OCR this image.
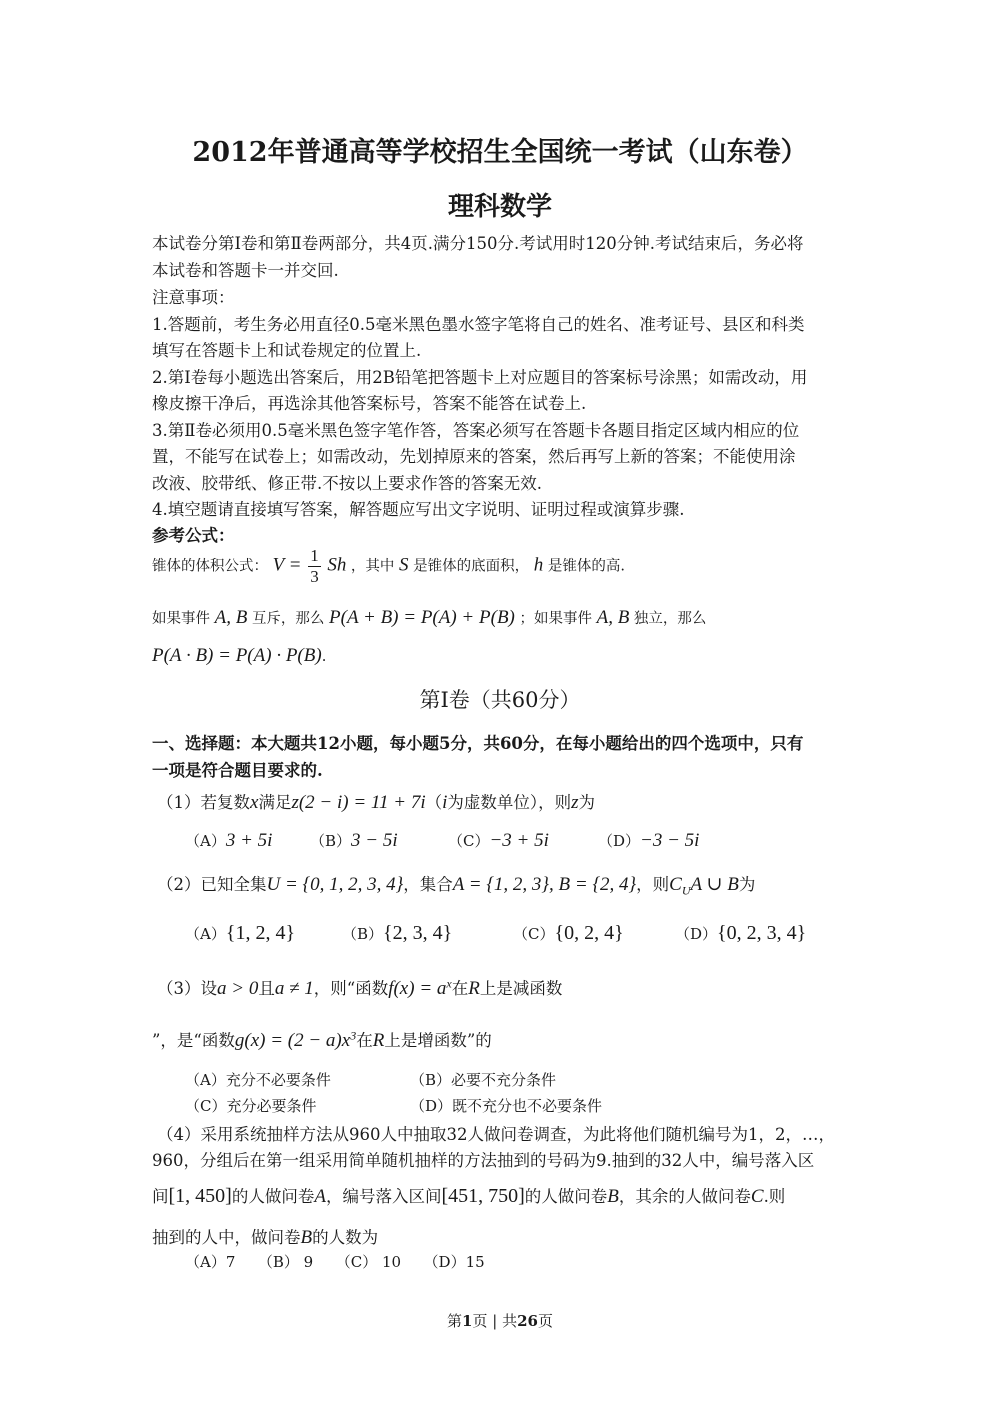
2012年普通高等学校招生全国统一考试（山东卷）
理科数学
本试卷分第Ⅰ卷和第Ⅱ卷两部分，共4页.满分150分.考试用时120分钟.考试结束后，务必将
本试卷和答题卡一并交回.
注意事项：
1.答题前，考生务必用直径0.5毫米黑色墨水签字笔将自己的姓名、准考证号、县区和科类
填写在答题卡上和试卷规定的位置上.
2.第Ⅰ卷每小题选出答案后，用2B铅笔把答题卡上对应题目的答案标号涂黑；如需改动，用
橡皮擦干净后，再选涂其他答案标号，答案不能答在试卷上.
3.第Ⅱ卷必须用0.5毫米黑色签字笔作答，答案必须写在答题卡各题目指定区域内相应的位
置，不能写在试卷上；如需改动，先划掉原来的答案，然后再写上新的答案；不能使用涂
改液、胶带纸、修正带.不按以上要求作答的答案无效.
4.填空题请直接填写答案，解答题应写出文字说明、证明过程或演算步骤.
参考公式：
锥体的体积公式： $V = \frac{1}{3}$ Sh ，其中 S 是锥体的底面积， h 是锥体的高.
如果事件 A, B 互斥，那么 P(A + B) = P(A) + P(B) ；如果事件 A, B 独立，那么
P(A · B) = P(A) · P(B).
第Ⅰ卷（共60分）
一、选择题：本大题共12小题，每小题5分，共60分，在每小题给出的四个选项中，只有
一项是符合题目要求的.
（1）若复数x满足z(2 − i) = 11 + 7i（i为虚数单位），则z为
（A）3 + 5i	（B）3 − 5i	（C）−3 + 5i	（D）−3 − 5i
（2）已知全集U = {0, 1, 2, 3, 4}，集合A = {1, 2, 3}, B = {2, 4}，则$C_UA$ ∪ B为
（A）{1, 2, 4}	（B）{2, 3, 4}	（C）{0, 2, 4}	（D）{0, 2, 3, 4}
（3）设a > 0且a ≠ 1，则“函数$f(x) = a^x$在R上是减函数
”，是“函数$g(x) = (2 - a)x^3$在R上是增函数”的
（A）充分不必要条件	（B）必要不充分条件
（C）充分必要条件	（D）既不充分也不必要条件
（4）采用系统抽样方法从960人中抽取32人做问卷调查，为此将他们随机编号为1，2，…，
960，分组后在第一组采用简单随机抽样的方法抽到的号码为9.抽到的32人中，编号落入区
间[1, 450]的人做问卷A，编号落入区间[451, 750]的人做问卷B，其余的人做问卷C.则
抽到的人中，做问卷B的人数为
（A）7　　（B） 9　　（C） 10　　（D）15
第1页 | 共26页
